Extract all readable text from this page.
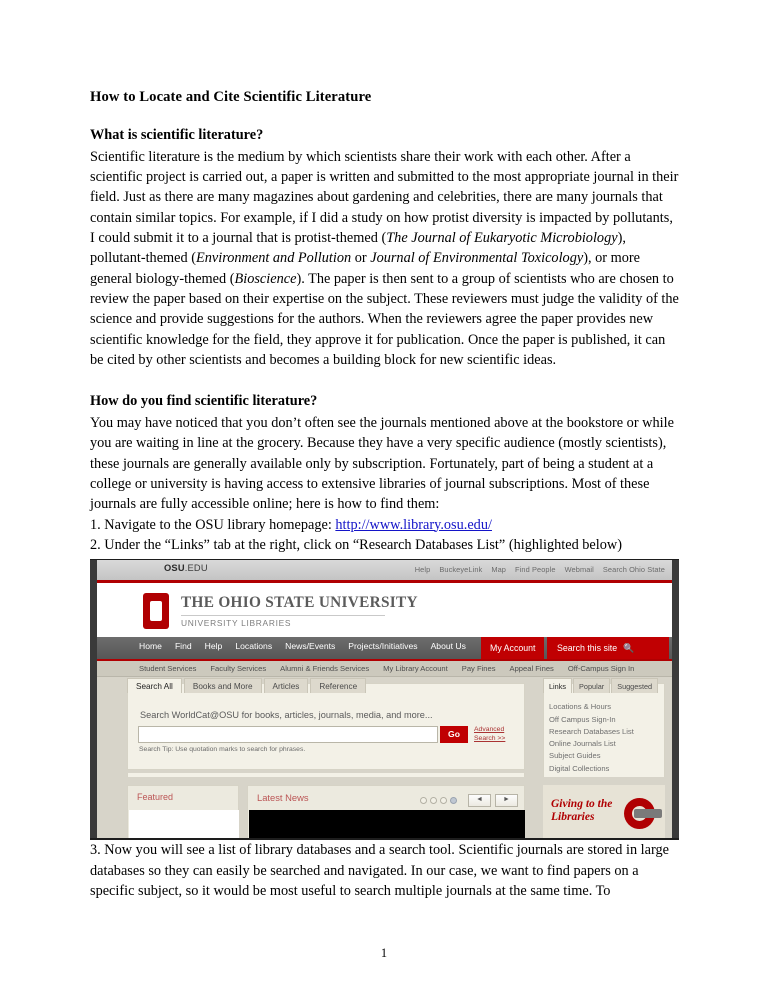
How to Locate and Cite Scientific Literature
What is scientific literature?

Scientific literature is the medium by which scientists share their work with each other. After a scientific project is carried out, a paper is written and submitted to the most appropriate journal in their field. Just as there are many magazines about gardening and celebrities, there are many journals that contain similar topics. For example, if I did a study on how protist diversity is impacted by pollutants, I could submit it to a journal that is protist-themed (The Journal of Eukaryotic Microbiology), pollutant-themed (Environment and Pollution or Journal of Environmental Toxicology), or more general biology-themed (Bioscience). The paper is then sent to a group of scientists who are chosen to review the paper based on their expertise on the subject. These reviewers must judge the validity of the science and provide suggestions for the authors. When the reviewers agree the paper provides new scientific knowledge for the field, they approve it for publication. Once the paper is published, it can be cited by other scientists and becomes a building block for new scientific ideas.

How do you find scientific literature?

You may have noticed that you don’t often see the journals mentioned above at the bookstore or while you are waiting in line at the grocery. Because they have a very specific audience (mostly scientists), these journals are generally available only by subscription. Fortunately, part of being a student at a college or university is having access to extensive libraries of journal subscriptions. Most of these journals are fully accessible online; here is how to find them:

1. Navigate to the OSU library homepage: http://www.library.osu.edu/
2. Under the “Links” tab at the right, click on “Research Databases List” (highlighted below)
OSU.EDU	Help BuckeyeLink Map Find People Webmail Search Ohio State
THE OHIO STATE UNIVERSITY
UNIVERSITY LIBRARIES
Home Find Help Locations News/Events Projects/Initiatives About Us	My Account	Search this site 🔍
Student Services Faculty Services Alumni & Friends Services My Library Account Pay Fines Appeal Fines Off-Campus Sign In
Search All Books and More Articles Reference
Search WorldCat@OSU for books, articles, journals, media, and more...
Go	Advanced Search >>
Search Tip: Use quotation marks to search for phrases.
Links Popular Suggested
Locations & Hours
Off Campus Sign-In
Research Databases List
Online Journals List
Subject Guides
Digital Collections
Featured	Latest News	◄	►	Giving to the
Libraries

3. Now you will see a list of library databases and a search tool. Scientific journals are stored in large databases so they can easily be searched and navigated. In our case, we want to find papers on a specific subject, so it would be most useful to search multiple journals at the same time. To

1
